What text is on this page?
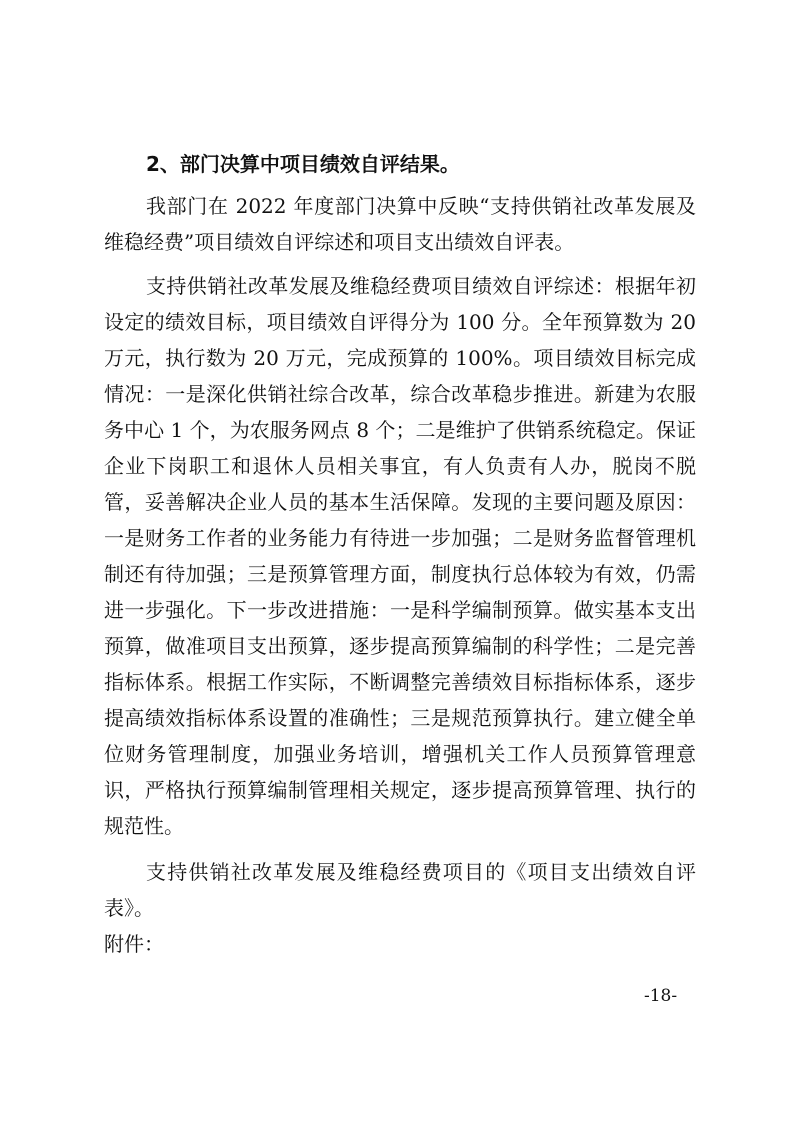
2、部门决算中项目绩效自评结果。

我部门在 2022 年度部门决算中反映“支持供销社改革发展及维稳经费”项目绩效自评综述和项目支出绩效自评表。

支持供销社改革发展及维稳经费项目绩效自评综述：根据年初设定的绩效目标，项目绩效自评得分为 100 分。全年预算数为 20 万元，执行数为 20 万元，完成预算的 100%。项目绩效目标完成情况：一是深化供销社综合改革，综合改革稳步推进。新建为农服务中心 1 个，为农服务网点 8 个；二是维护了供销系统稳定。保证企业下岗职工和退休人员相关事宜，有人负责有人办，脱岗不脱管，妥善解决企业人员的基本生活保障。发现的主要问题及原因：一是财务工作者的业务能力有待进一步加强；二是财务监督管理机制还有待加强；三是预算管理方面，制度执行总体较为有效，仍需进一步强化。下一步改进措施：一是科学编制预算。做实基本支出预算，做准项目支出预算，逐步提高预算编制的科学性；二是完善指标体系。根据工作实际，不断调整完善绩效目标指标体系，逐步提高绩效指标体系设置的准确性；三是规范预算执行。建立健全单位财务管理制度，加强业务培训，增强机关工作人员预算管理意识，严格执行预算编制管理相关规定，逐步提高预算管理、执行的规范性。

支持供销社改革发展及维稳经费项目的《项目支出绩效自评表》。

附件：

-18-
